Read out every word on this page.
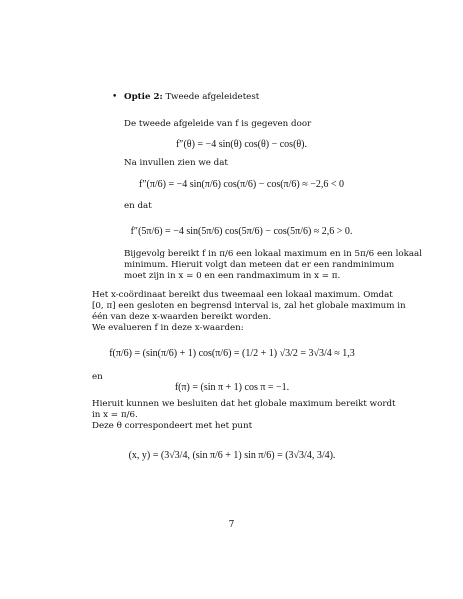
• Optie 2: Tweede afgeleidetest
De tweede afgeleide van f is gegeven door
f″(θ) = −4 sin(θ) cos(θ) − cos(θ).
Na invullen zien we dat
f″(π/6) = −4 sin(π/6) cos(π/6) − cos(π/6) ≈ −2,6 < 0
en dat
f″(5π/6) = −4 sin(5π/6) cos(5π/6) − cos(5π/6) ≈ 2,6 > 0.
Bijgevolg bereikt f in π/6 een lokaal maximum en in 5π/6 een lokaal
minimum. Hieruit volgt dan meteen dat er een randminimum
moet zijn in x = 0 en een randmaximum in x = π.
Het x-coördinaat bereikt dus tweemaal een lokaal maximum. Omdat
[0, π] een gesloten en begrensd interval is, zal het globale maximum in
één van deze x-waarden bereikt worden.
We evalueren f in deze x-waarden:
f(π/6) = (sin(π/6) + 1) cos(π/6) = (1/2 + 1) √3/2 = 3√3/4 ≈ 1,3
en
f(π) = (sin π + 1) cos π = −1.
Hieruit kunnen we besluiten dat het globale maximum bereikt wordt
in x = π/6.
Deze θ correspondeert met het punt
(x, y) = (3√3/4, (sin π/6 + 1) sin π/6) = (3√3/4, 3/4).
7
